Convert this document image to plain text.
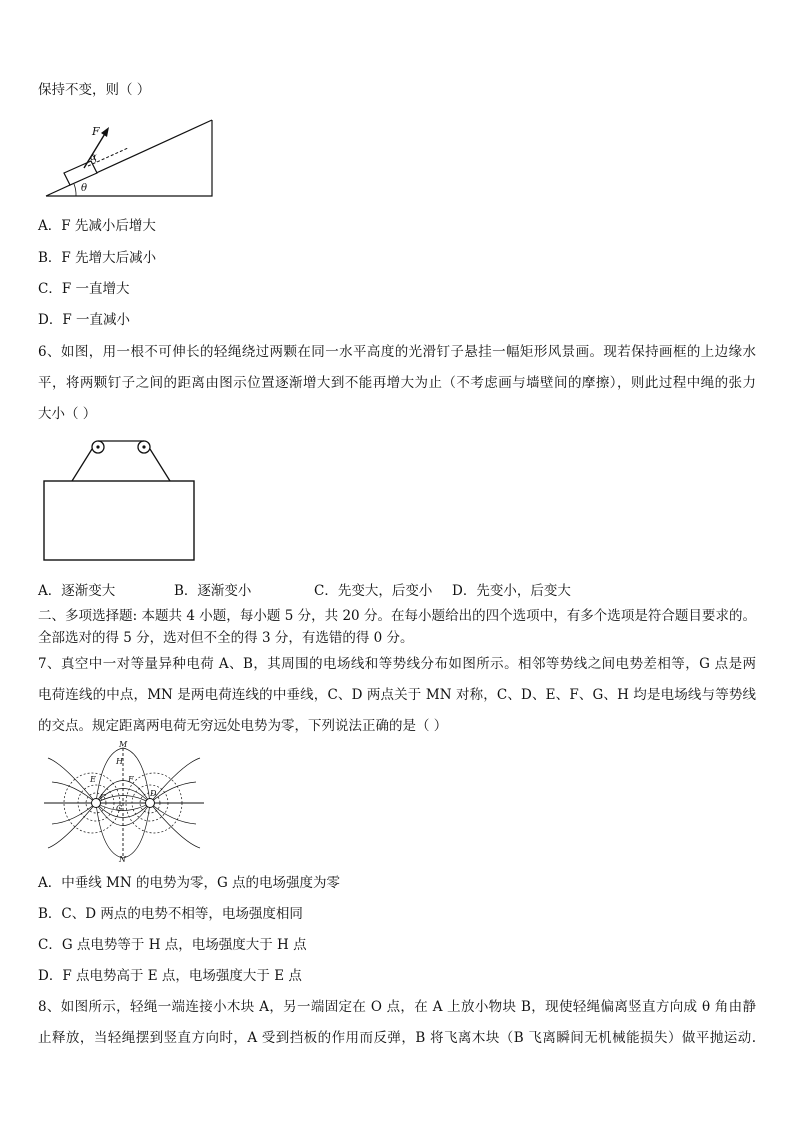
保持不变，则（ ）
F
α
θ
A．F 先减小后增大
B．F 先增大后减小
C．F 一直增大
D．F 一直减小
6、如图，用一根不可伸长的轻绳绕过两颗在同一水平高度的光滑钉子悬挂一幅矩形风景画。现若保持画框的上边缘水
平，将两颗钉子之间的距离由图示位置逐渐增大到不能再增大为止（不考虑画与墙壁间的摩擦），则此过程中绳的张力
大小（ ）
A．逐渐变大	B．逐渐变小	C．先变大，后变小 D．先变小，后变大
二、多项选择题: 本题共 4 小题，每小题 5 分，共 20 分。在每小题给出的四个选项中，有多个选项是符合题目要求的。
全部选对的得 5 分，选对但不全的得 3 分，有选错的得 0 分。
7、真空中一对等量异种电荷 A、B，其周围的电场线和等势线分布如图所示。相邻等势线之间电势差相等，G 点是两
电荷连线的中点，MN 是两电荷连线的中垂线，C、D 两点关于 MN 对称，C、D、E、F、G、H 均是电场线与等势线
的交点。规定距离两电荷无穷远处电势为零，下列说法正确的是（ ）
M
N
H
E	F
C	D
G
A．中垂线 MN 的电势为零，G 点的电场强度为零
B．C、D 两点的电势不相等，电场强度相同
C．G 点电势等于 H 点，电场强度大于 H 点
D．F 点电势高于 E 点，电场强度大于 E 点
8、如图所示，轻绳一端连接小木块 A，另一端固定在 O 点，在 A 上放小物块 B，现使轻绳偏离竖直方向成 θ 角由静
止释放，当轻绳摆到竖直方向时，A 受到挡板的作用而反弹，B 将飞离木块（B 飞离瞬间无机械能损失）做平抛运动.
